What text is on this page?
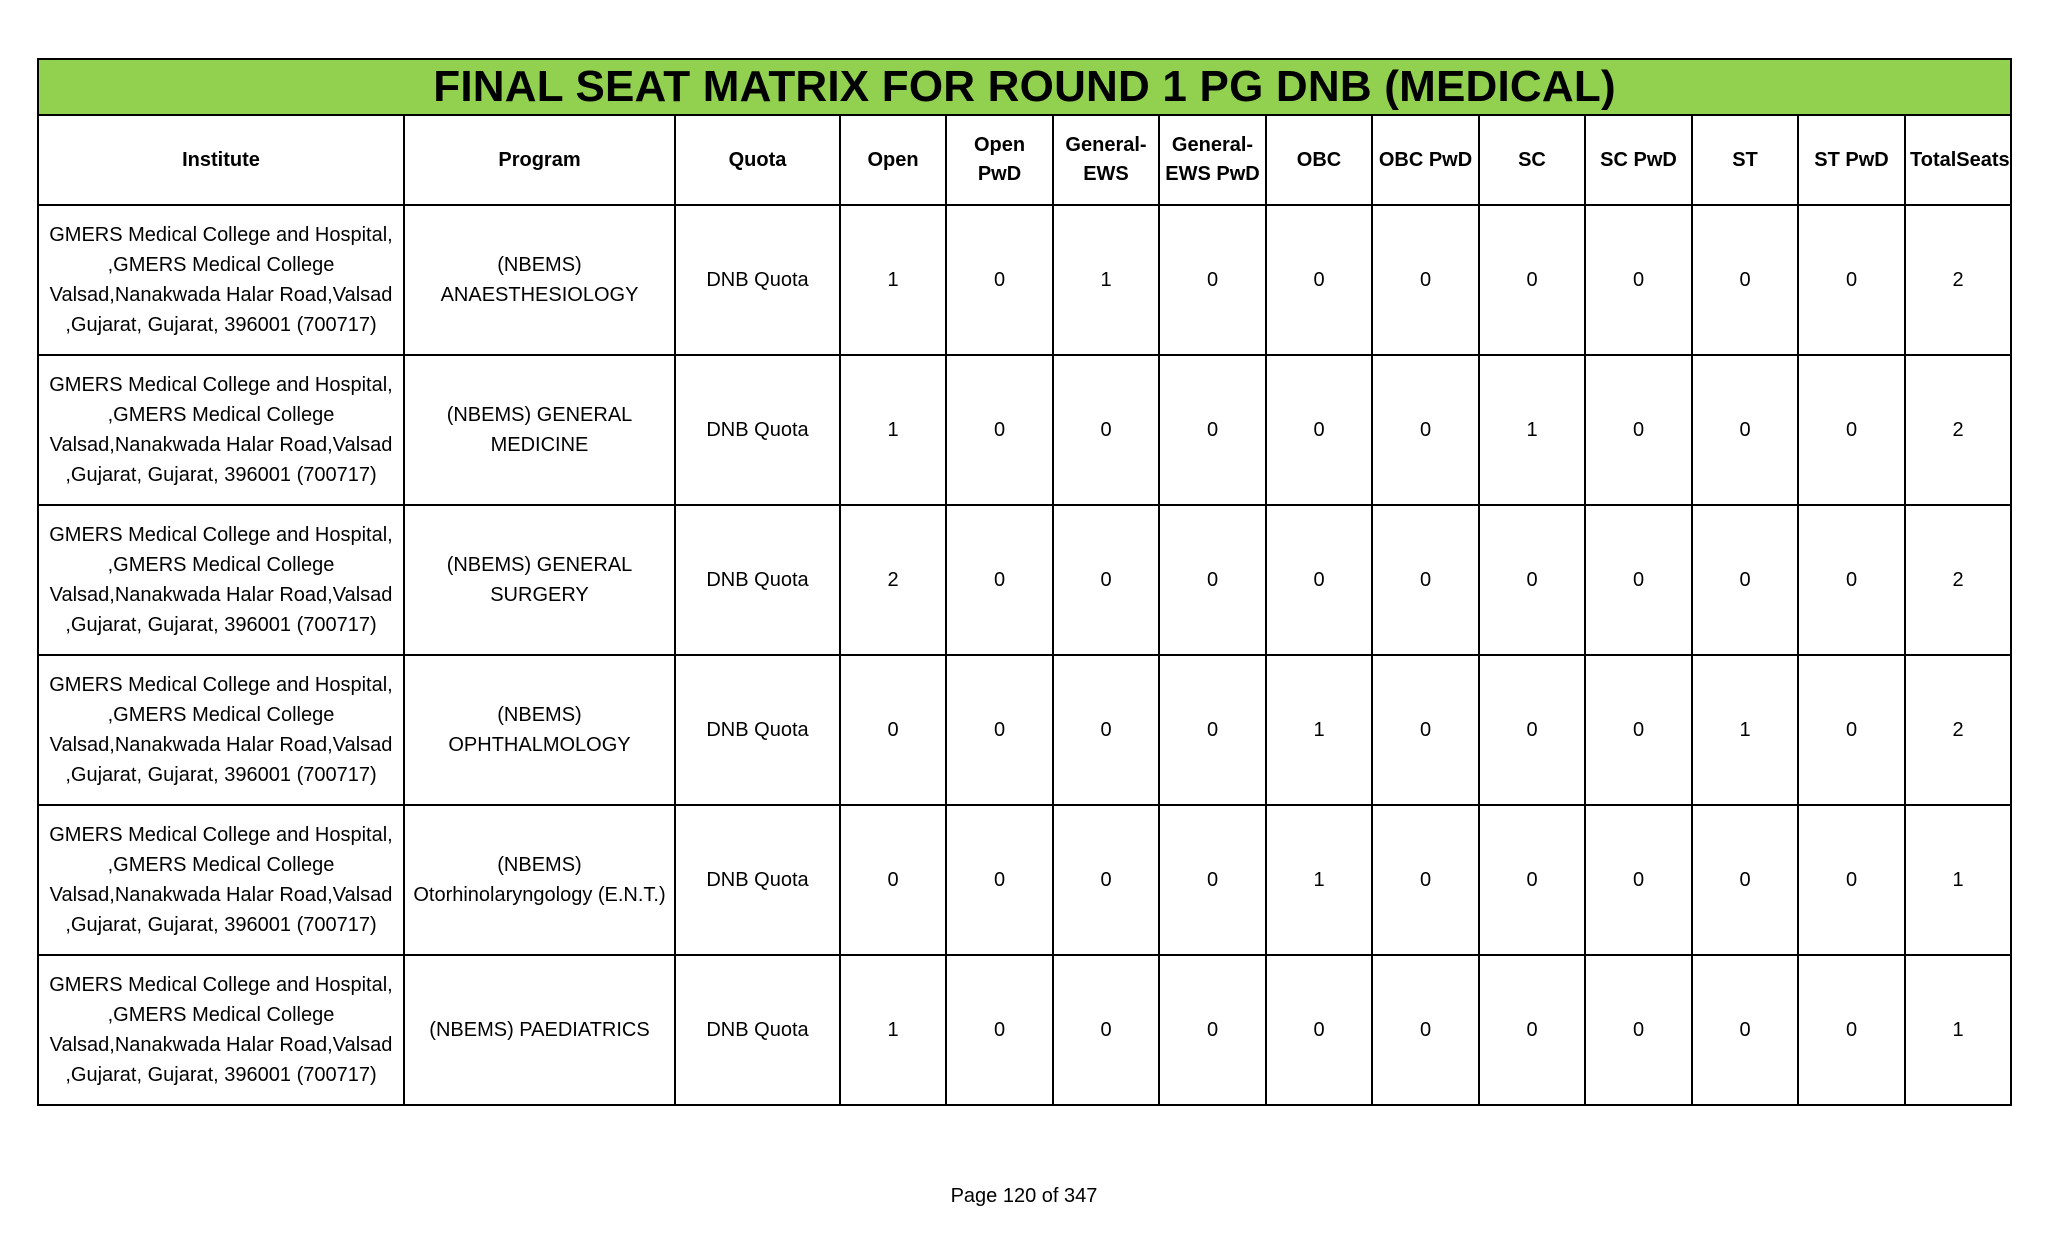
FINAL SEAT MATRIX FOR ROUND 1 PG DNB (MEDICAL)													
Institute	Program	Quota	Open	Open PwD	General-EWS	General-EWS PwD	OBC	OBC PwD	SC	SC PwD	ST	ST PwD	TotalSeats
GMERS Medical College and Hospital, ,GMERS Medical College Valsad,Nanakwada Halar Road,Valsad ,Gujarat, Gujarat, 396001 (700717)	(NBEMS) ANAESTHESIOLOGY	DNB Quota	1	0	1	0	0	0	0	0	0	0	2
GMERS Medical College and Hospital, ,GMERS Medical College Valsad,Nanakwada Halar Road,Valsad ,Gujarat, Gujarat, 396001 (700717)	(NBEMS) GENERAL MEDICINE	DNB Quota	1	0	0	0	0	0	1	0	0	0	2
GMERS Medical College and Hospital, ,GMERS Medical College Valsad,Nanakwada Halar Road,Valsad ,Gujarat, Gujarat, 396001 (700717)	(NBEMS) GENERAL SURGERY	DNB Quota	2	0	0	0	0	0	0	0	0	0	2
GMERS Medical College and Hospital, ,GMERS Medical College Valsad,Nanakwada Halar Road,Valsad ,Gujarat, Gujarat, 396001 (700717)	(NBEMS) OPHTHALMOLOGY	DNB Quota	0	0	0	0	1	0	0	0	1	0	2
GMERS Medical College and Hospital, ,GMERS Medical College Valsad,Nanakwada Halar Road,Valsad ,Gujarat, Gujarat, 396001 (700717)	(NBEMS) Otorhinolaryngology (E.N.T.)	DNB Quota	0	0	0	0	1	0	0	0	0	0	1
GMERS Medical College and Hospital, ,GMERS Medical College Valsad,Nanakwada Halar Road,Valsad ,Gujarat, Gujarat, 396001 (700717)	(NBEMS) PAEDIATRICS	DNB Quota	1	0	0	0	0	0	0	0	0	0	1
Page 120 of 347
